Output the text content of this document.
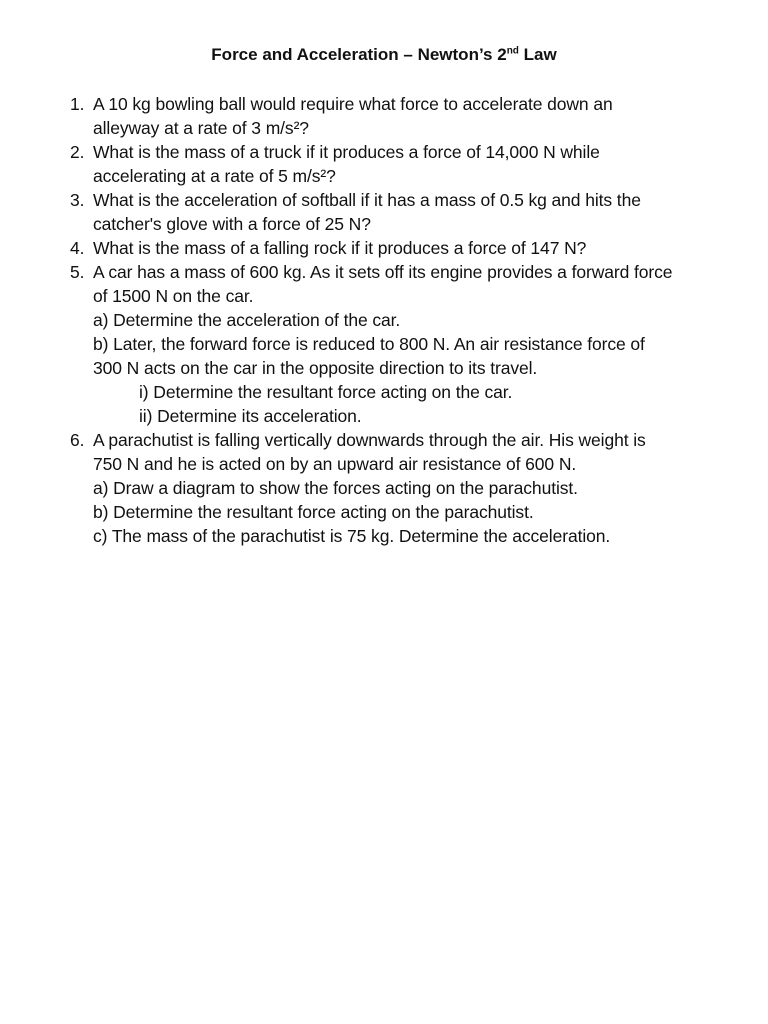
Force and Acceleration – Newton’s 2nd Law
1. A 10 kg bowling ball would require what force to accelerate down an
alleyway at a rate of 3 m/s²?
2. What is the mass of a truck if it produces a force of 14,000 N while
accelerating at a rate of 5 m/s²?
3. What is the acceleration of softball if it has a mass of 0.5 kg and hits the
catcher's glove with a force of 25 N?
4. What is the mass of a falling rock if it produces a force of 147 N?
5. A car has a mass of 600 kg. As it sets off its engine provides a forward force
of 1500 N on the car.
a) Determine the acceleration of the car.
b) Later, the forward force is reduced to 800 N. An air resistance force of
300 N acts on the car in the opposite direction to its travel.
i) Determine the resultant force acting on the car.
ii) Determine its acceleration.
6. A parachutist is falling vertically downwards through the air. His weight is
750 N and he is acted on by an upward air resistance of 600 N.
a) Draw a diagram to show the forces acting on the parachutist.
b) Determine the resultant force acting on the parachutist.
c) The mass of the parachutist is 75 kg. Determine the acceleration.
